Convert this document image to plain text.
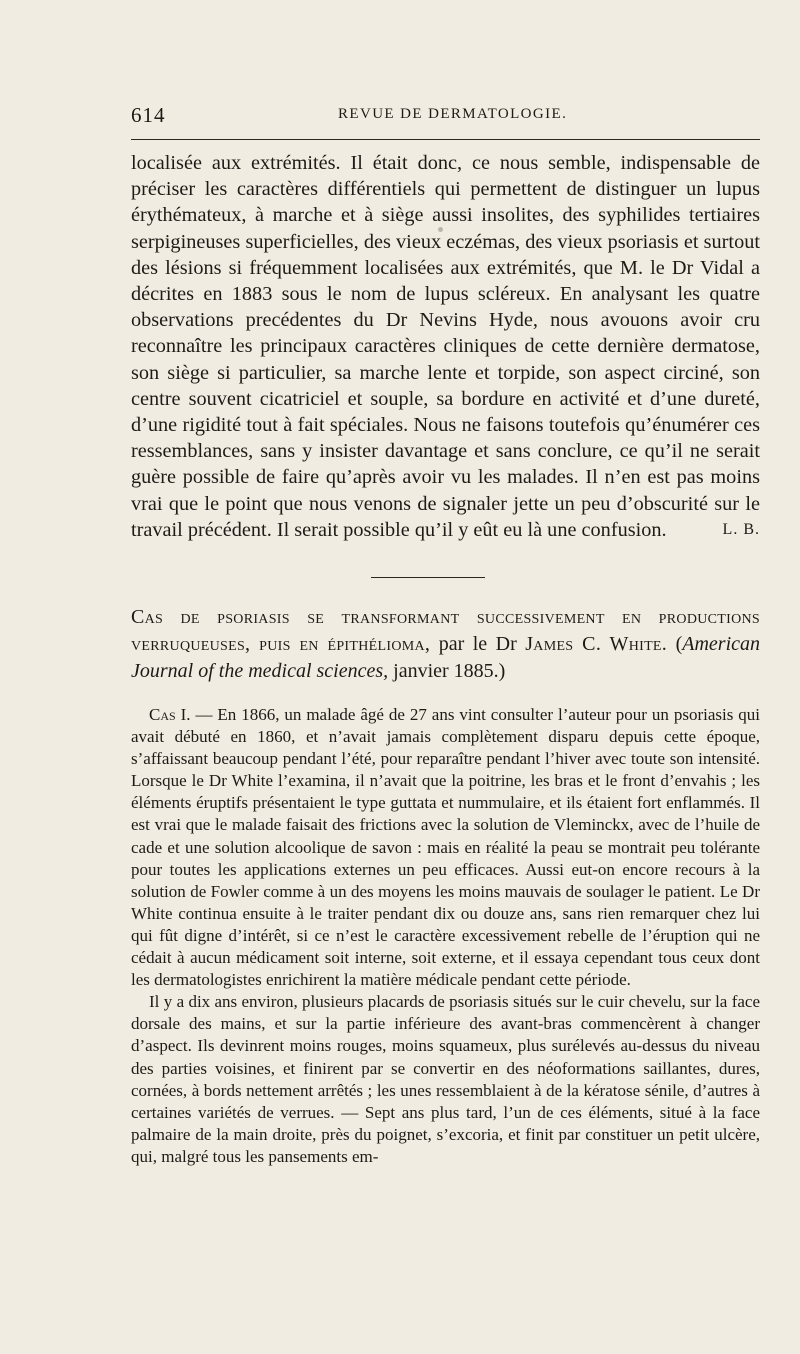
614	REVUE DE DERMATOLOGIE.

localisée aux extrémités. Il était donc, ce nous semble, indispensable de préciser les caractères différentiels qui permettent de distinguer un lupus érythémateux, à marche et à siège aussi insolites, des syphilides tertiaires serpigineuses superficielles, des vieux eczémas, des vieux psoriasis et surtout des lésions si fréquemment localisées aux extrémités, que M. le Dr Vidal a décrites en 1883 sous le nom de lupus scléreux. En analysant les quatre observations precédentes du Dr Nevins Hyde, nous avouons avoir cru reconnaître les principaux caractères cliniques de cette dernière dermatose, son siège si particulier, sa marche lente et torpide, son aspect circiné, son centre souvent cicatriciel et souple, sa bordure en activité et d’une dureté, d’une rigidité tout à fait spéciales. Nous ne faisons toutefois qu’énumérer ces ressemblances, sans y insister davantage et sans conclure, ce qu’il ne serait guère possible de faire qu’après avoir vu les malades. Il n’en est pas moins vrai que le point que nous venons de signaler jette un peu d’obscurité sur le travail précédent. Il serait possible qu’il y eût eu là une confusion.	L. B.

Cas de psoriasis se transformant successivement en productions verruqueuses, puis en épithélioma, par le Dr James C. White. (American Journal of the medical sciences, janvier 1885.)

Cas I. — En 1866, un malade âgé de 27 ans vint consulter l’auteur pour un psoriasis qui avait débuté en 1860, et n’avait jamais complètement disparu depuis cette époque, s’affaissant beaucoup pendant l’été, pour reparaître pendant l’hiver avec toute son intensité. Lorsque le Dr White l’examina, il n’avait que la poitrine, les bras et le front d’envahis ; les éléments éruptifs présentaient le type guttata et nummulaire, et ils étaient fort enflammés. Il est vrai que le malade faisait des frictions avec la solution de Vleminckx, avec de l’huile de cade et une solution alcoolique de savon : mais en réalité la peau se montrait peu tolérante pour toutes les applications externes un peu efficaces. Aussi eut-on encore recours à la solution de Fowler comme à un des moyens les moins mauvais de soulager le patient. Le Dr White continua ensuite à le traiter pendant dix ou douze ans, sans rien remarquer chez lui qui fût digne d’intérêt, si ce n’est le caractère excessivement rebelle de l’éruption qui ne cédait à aucun médicament soit interne, soit externe, et il essaya cependant tous ceux dont les dermatologistes enrichirent la matière médicale pendant cette période.

Il y a dix ans environ, plusieurs placards de psoriasis situés sur le cuir chevelu, sur la face dorsale des mains, et sur la partie inférieure des avant-bras commencèrent à changer d’aspect. Ils devinrent moins rouges, moins squameux, plus surélevés au-dessus du niveau des parties voisines, et finirent par se convertir en des néoformations saillantes, dures, cornées, à bords nettement arrêtés ; les unes ressemblaient à de la kératose sénile, d’autres à certaines variétés de verrues. — Sept ans plus tard, l’un de ces éléments, situé à la face palmaire de la main droite, près du poignet, s’excoria, et finit par constituer un petit ulcère, qui, malgré tous les pansements em-
